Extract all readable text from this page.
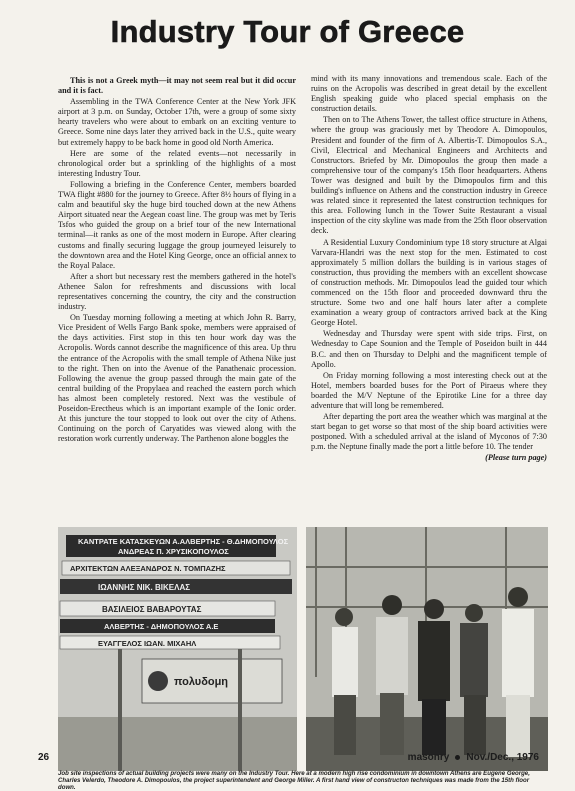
Industry Tour of Greece

This is not a Greek myth—it may not seem real but it did occur and it is fact.

Assembling in the TWA Conference Center at the New York JFK airport at 3 p.m. on Sunday, October 17th, were a group of some sixty hearty travelers who were about to embark on an exciting venture to Greece. Some nine days later they arrived back in the U.S., quite weary but extremely happy to be back home in good old North America.

Here are some of the related events—not necessarily in chronological order but a sprinkling of the highlights of a most interesting Industry Tour.

Following a briefing in the Conference Center, members boarded TWA flight #880 for the journey to Greece. After 8½ hours of flying in a calm and beautiful sky the huge bird touched down at the new Athens Airport situated near the Aegean coast line. The group was met by Teris Tsfos who guided the group on a brief tour of the new International terminal—it ranks as one of the most modern in Europe. After clearing customs and finally securing luggage the group journeyed leisurely to the downtown area and the Hotel King George, once an official annex to the Royal Palace.

After a short but necessary rest the members gathered in the hotel's Athenee Salon for refreshments and discussions with local representatives concerning the country, the city and the construction industry.

On Tuesday morning following a meeting at which John R. Barry, Vice President of Wells Fargo Bank spoke, members were appraised of the days activities. First stop in this ten hour work day was the Acropolis. Words cannot describe the magnificence of this area. Up thru the entrance of the Acropolis with the small temple of Athena Nike just to the right. Then on into the Avenue of the Panathenaic procession. Following the avenue the group passed through the main gate of the central building of the Propylaea and reached the eastern porch which has almost been completely restored. Next was the vestibule of Poseidon-Erectheus which is an important example of the Ionic order. At this juncture the tour stopped to look out over the city of Athens. Continuing on the porch of Caryatides was viewed along with the restoration work currently underway. The Parthenon alone boggles the

mind with its many innovations and tremendous scale. Each of the ruins on the Acropolis was described in great detail by the excellent English speaking guide who placed special emphasis on the construction details.

Then on to The Athens Tower, the tallest office structure in Athens, where the group was graciously met by Theodore A. Dimopoulos, President and founder of the firm of A. Albertis-T. Dimopoulos S.A., Civil, Electrical and Mechanical Engineers and Architects and Constructors. Briefed by Mr. Dimopoulos the group then made a comprehensive tour of the company's 15th floor headquarters. Athens Tower was designed and built by the Dimopoulos firm and this building's influence on Athens and the construction industry in Greece was related since it represented the latest construction techniques for this area. Following lunch in the Tower Suite Restaurant a visual inspection of the city skyline was made from the 25th floor observation deck.

A Residential Luxury Condominium type 18 story structure at Algai Varvara-Hlandri was the next stop for the men. Estimated to cost approximately 5 million dollars the building is in various stages of construction, thus providing the members with an excellent showcase of construction methods. Mr. Dimopoulos lead the guided tour which commenced on the 15th floor and proceeded downward thru the structure. Some two and one half hours later after a complete examination a weary group of contractors arrived back at the King George Hotel.

Wednesday and Thursday were spent with side trips. First, on Wednesday to Cape Sounion and the Temple of Poseidon built in 444 B.C. and then on Thursday to Delphi and the magnificent temple of Apollo.

On Friday morning following a most interesting check out at the Hotel, members boarded buses for the Port of Piraeus where they boarded the M/V Neptune of the Epirotike Line for a three day adventure that will long be remembered.

After departing the port area the weather which was marginal at the start began to get worse so that most of the ship board activities were postponed. With a scheduled arrival at the island of Myconos of 7:30 p.m. the Neptune finally made the port a little before 10. The tender

(Please turn page)

ΚΑΝΤΡΑΤΕ ΚΑΤΑΣΚΕΥΩΝ Α.ΑΛΒΕΡΤΗΣ - Θ.ΔΗΜΟΠΟΥΛΟΣ
ΑΝΔΡΕΑΣ Π. ΧΡΥΣΙΚΟΠΟΥΛΟΣ
ΑΡΧΙΤΕΚΤΩΝ ΑΛΕΞΑΝΔΡΟΣ Ν. ΤΟΜΠΑΖΗΣ
ΙΩΑΝΝΗΣ ΝΙΚ. ΒΙΚΕΛΑΣ
ΒΑΣΙΛΕΙΟΣ ΒΑΒΑΡΟΥΤΑΣ
ΑΛΒΕΡΤΗΣ - ΔΗΜΟΠΟΥΛΟΣ Α.Ε
ΕΥΑΓΓΕΛΟΣ ΙΩΑΝ. ΜΙΧΑΗΛ
πολυδομη
Job site inspections of actual building projects were many on the Industry Tour. Here at a modern high rise condominium in downtown Athens are Eugene George, Charles Velerdo, Theodore A. Dimopoulos, the project superintendent and George Miller. A first hand view of constructon techniques was made from the 15th floor down.
26	masonry Nov./Dec., 1976
